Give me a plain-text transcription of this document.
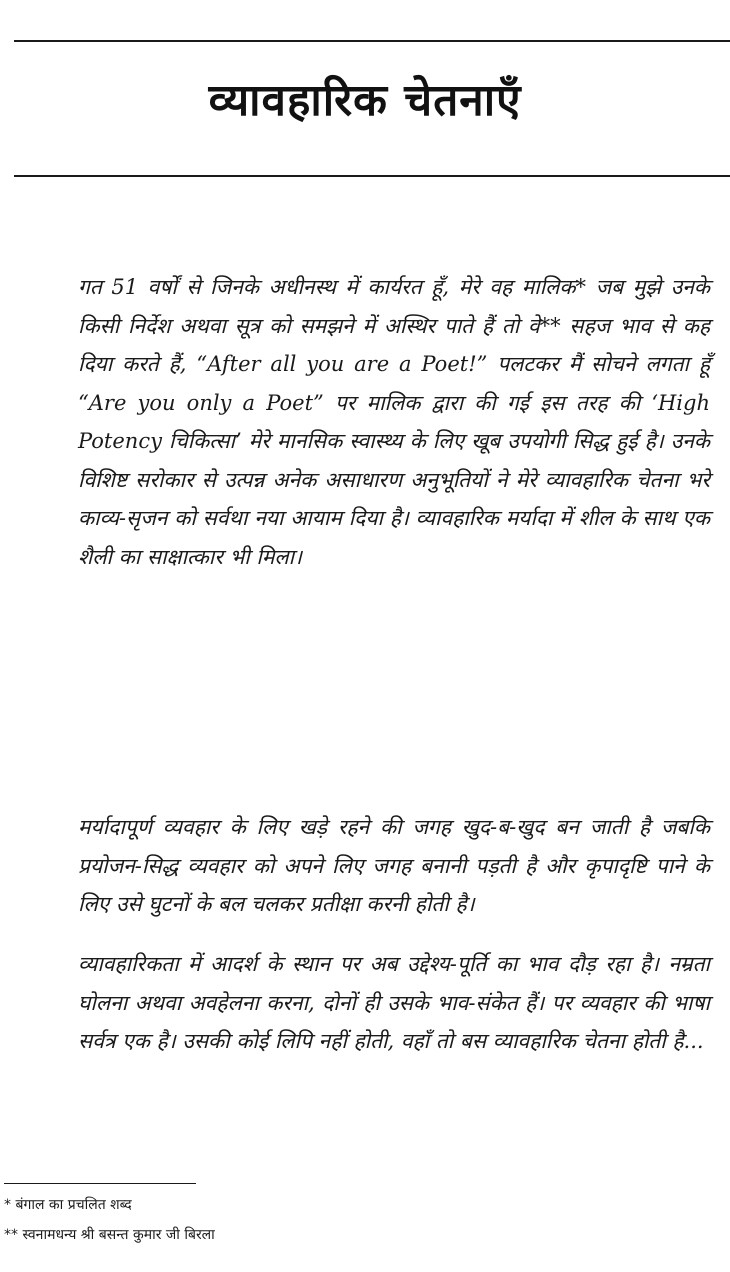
व्यावहारिक चेतनाएँ

गत 51 वर्षों से जिनके अधीनस्थ में कार्यरत हूँ, मेरे वह मालिक* जब मुझे उनके किसी निर्देश अथवा सूत्र को समझने में अस्थिर पाते हैं तो वे** सहज भाव से कह दिया करते हैं, “After all you are a Poet!” पलटकर मैं सोचने लगता हूँ “Are you only a Poet” पर मालिक द्वारा की गई इस तरह की ‘High Potency चिकित्सा’ मेरे मानसिक स्वास्थ्य के लिए खूब उपयोगी सिद्ध हुई है। उनके विशिष्ट सरोकार से उत्पन्न अनेक असाधारण अनुभूतियों ने मेरे व्यावहारिक चेतना भरे काव्य-सृजन को सर्वथा नया आयाम दिया है। व्यावहारिक मर्यादा में शील के साथ एक शैली का साक्षात्कार भी मिला।

मर्यादापूर्ण व्यवहार के लिए खड़े रहने की जगह खुद-ब-खुद बन जाती है जबकि प्रयोजन-सिद्ध व्यवहार को अपने लिए जगह बनानी पड़ती है और कृपादृष्टि पाने के लिए उसे घुटनों के बल चलकर प्रतीक्षा करनी होती है।

व्यावहारिकता में आदर्श के स्थान पर अब उद्देश्य-पूर्ति का भाव दौड़ रहा है। नम्रता घोलना अथवा अवहेलना करना, दोनों ही उसके भाव-संकेत हैं। पर व्यवहार की भाषा सर्वत्र एक है। उसकी कोई लिपि नहीं होती, वहाँ तो बस व्यावहारिक चेतना होती है...

* बंगाल का प्रचलित शब्द
** स्वनामधन्य श्री बसन्त कुमार जी बिरला
